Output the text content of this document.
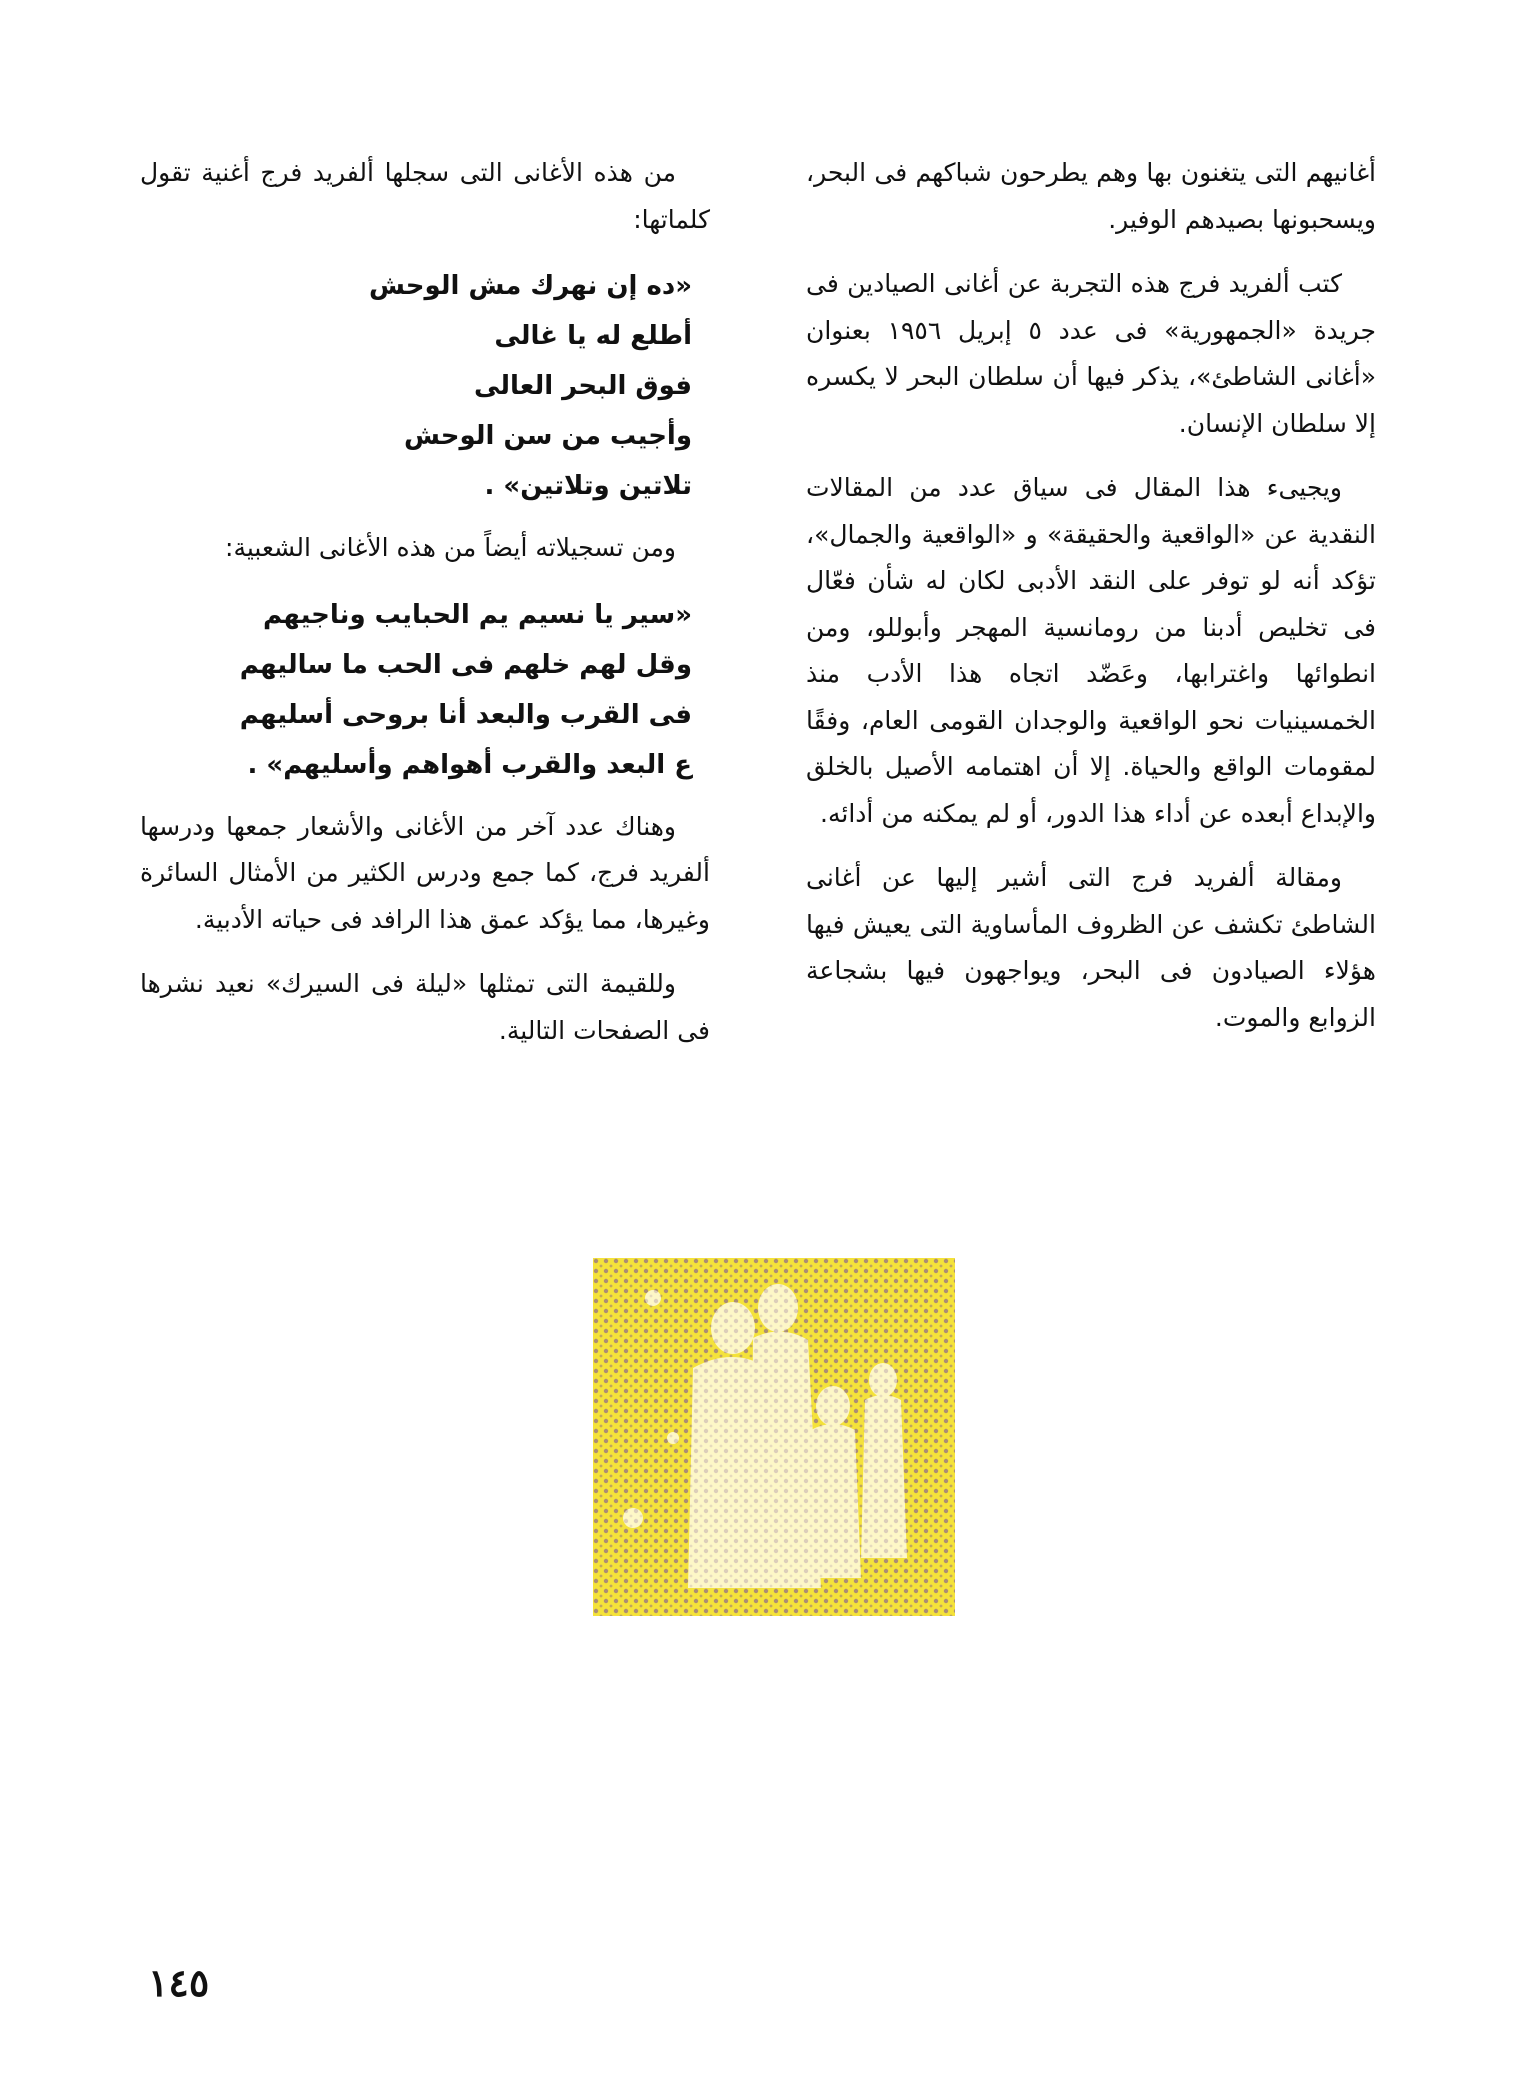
أغانيهم التى يتغنون بها وهم يطرحون شباكهم فى البحر، ويسحبونها بصيدهم الوفير.

كتب ألفريد فرج هذه التجربة عن أغانى الصيادين فى جريدة «الجمهورية» فى عدد ٥ إبريل ١٩٥٦ بعنوان «أغانى الشاطئ»، يذكر فيها أن سلطان البحر لا يكسره إلا سلطان الإنسان.

ويجيىء هذا المقال فى سياق عدد من المقالات النقدية عن «الواقعية والحقيقة» و «الواقعية والجمال»، تؤكد أنه لو توفر على النقد الأدبى لكان له شأن فعّال فى تخليص أدبنا من رومانسية المهجر وأبوللو، ومن انطوائها واغترابها، وعَضّد اتجاه هذا الأدب منذ الخمسينيات نحو الواقعية والوجدان القومى العام، وفقًا لمقومات الواقع والحياة. إلا أن اهتمامه الأصيل بالخلق والإبداع أبعده عن أداء هذا الدور، أو لم يمكنه من أدائه.

ومقالة ألفريد فرج التى أشير إليها عن أغانى الشاطئ تكشف عن الظروف المأساوية التى يعيش فيها هؤلاء الصيادون فى البحر، ويواجهون فيها بشجاعة الزوابع والموت.

من هذه الأغانى التى سجلها ألفريد فرج أغنية تقول كلماتها:

«ده إن نهرك مش الوحش
أطلع له يا غالى
فوق البحر العالى
وأجيب من سن الوحش
تلاتين وتلاتين» .

ومن تسجيلاته أيضاً من هذه الأغانى الشعبية:

«سير يا نسيم يم الحبايب وناجيهم
وقل لهم خلهم فى الحب ما ساليهم
فى القرب والبعد أنا بروحى أسليهم
ع البعد والقرب أهواهم وأسليهم» .

وهناك عدد آخر من الأغانى والأشعار جمعها ودرسها ألفريد فرج، كما جمع ودرس الكثير من الأمثال السائرة وغيرها، مما يؤكد عمق هذا الرافد فى حياته الأدبية.

وللقيمة التى تمثلها «ليلة فى السيرك» نعيد نشرها فى الصفحات التالية.

١٤٥
